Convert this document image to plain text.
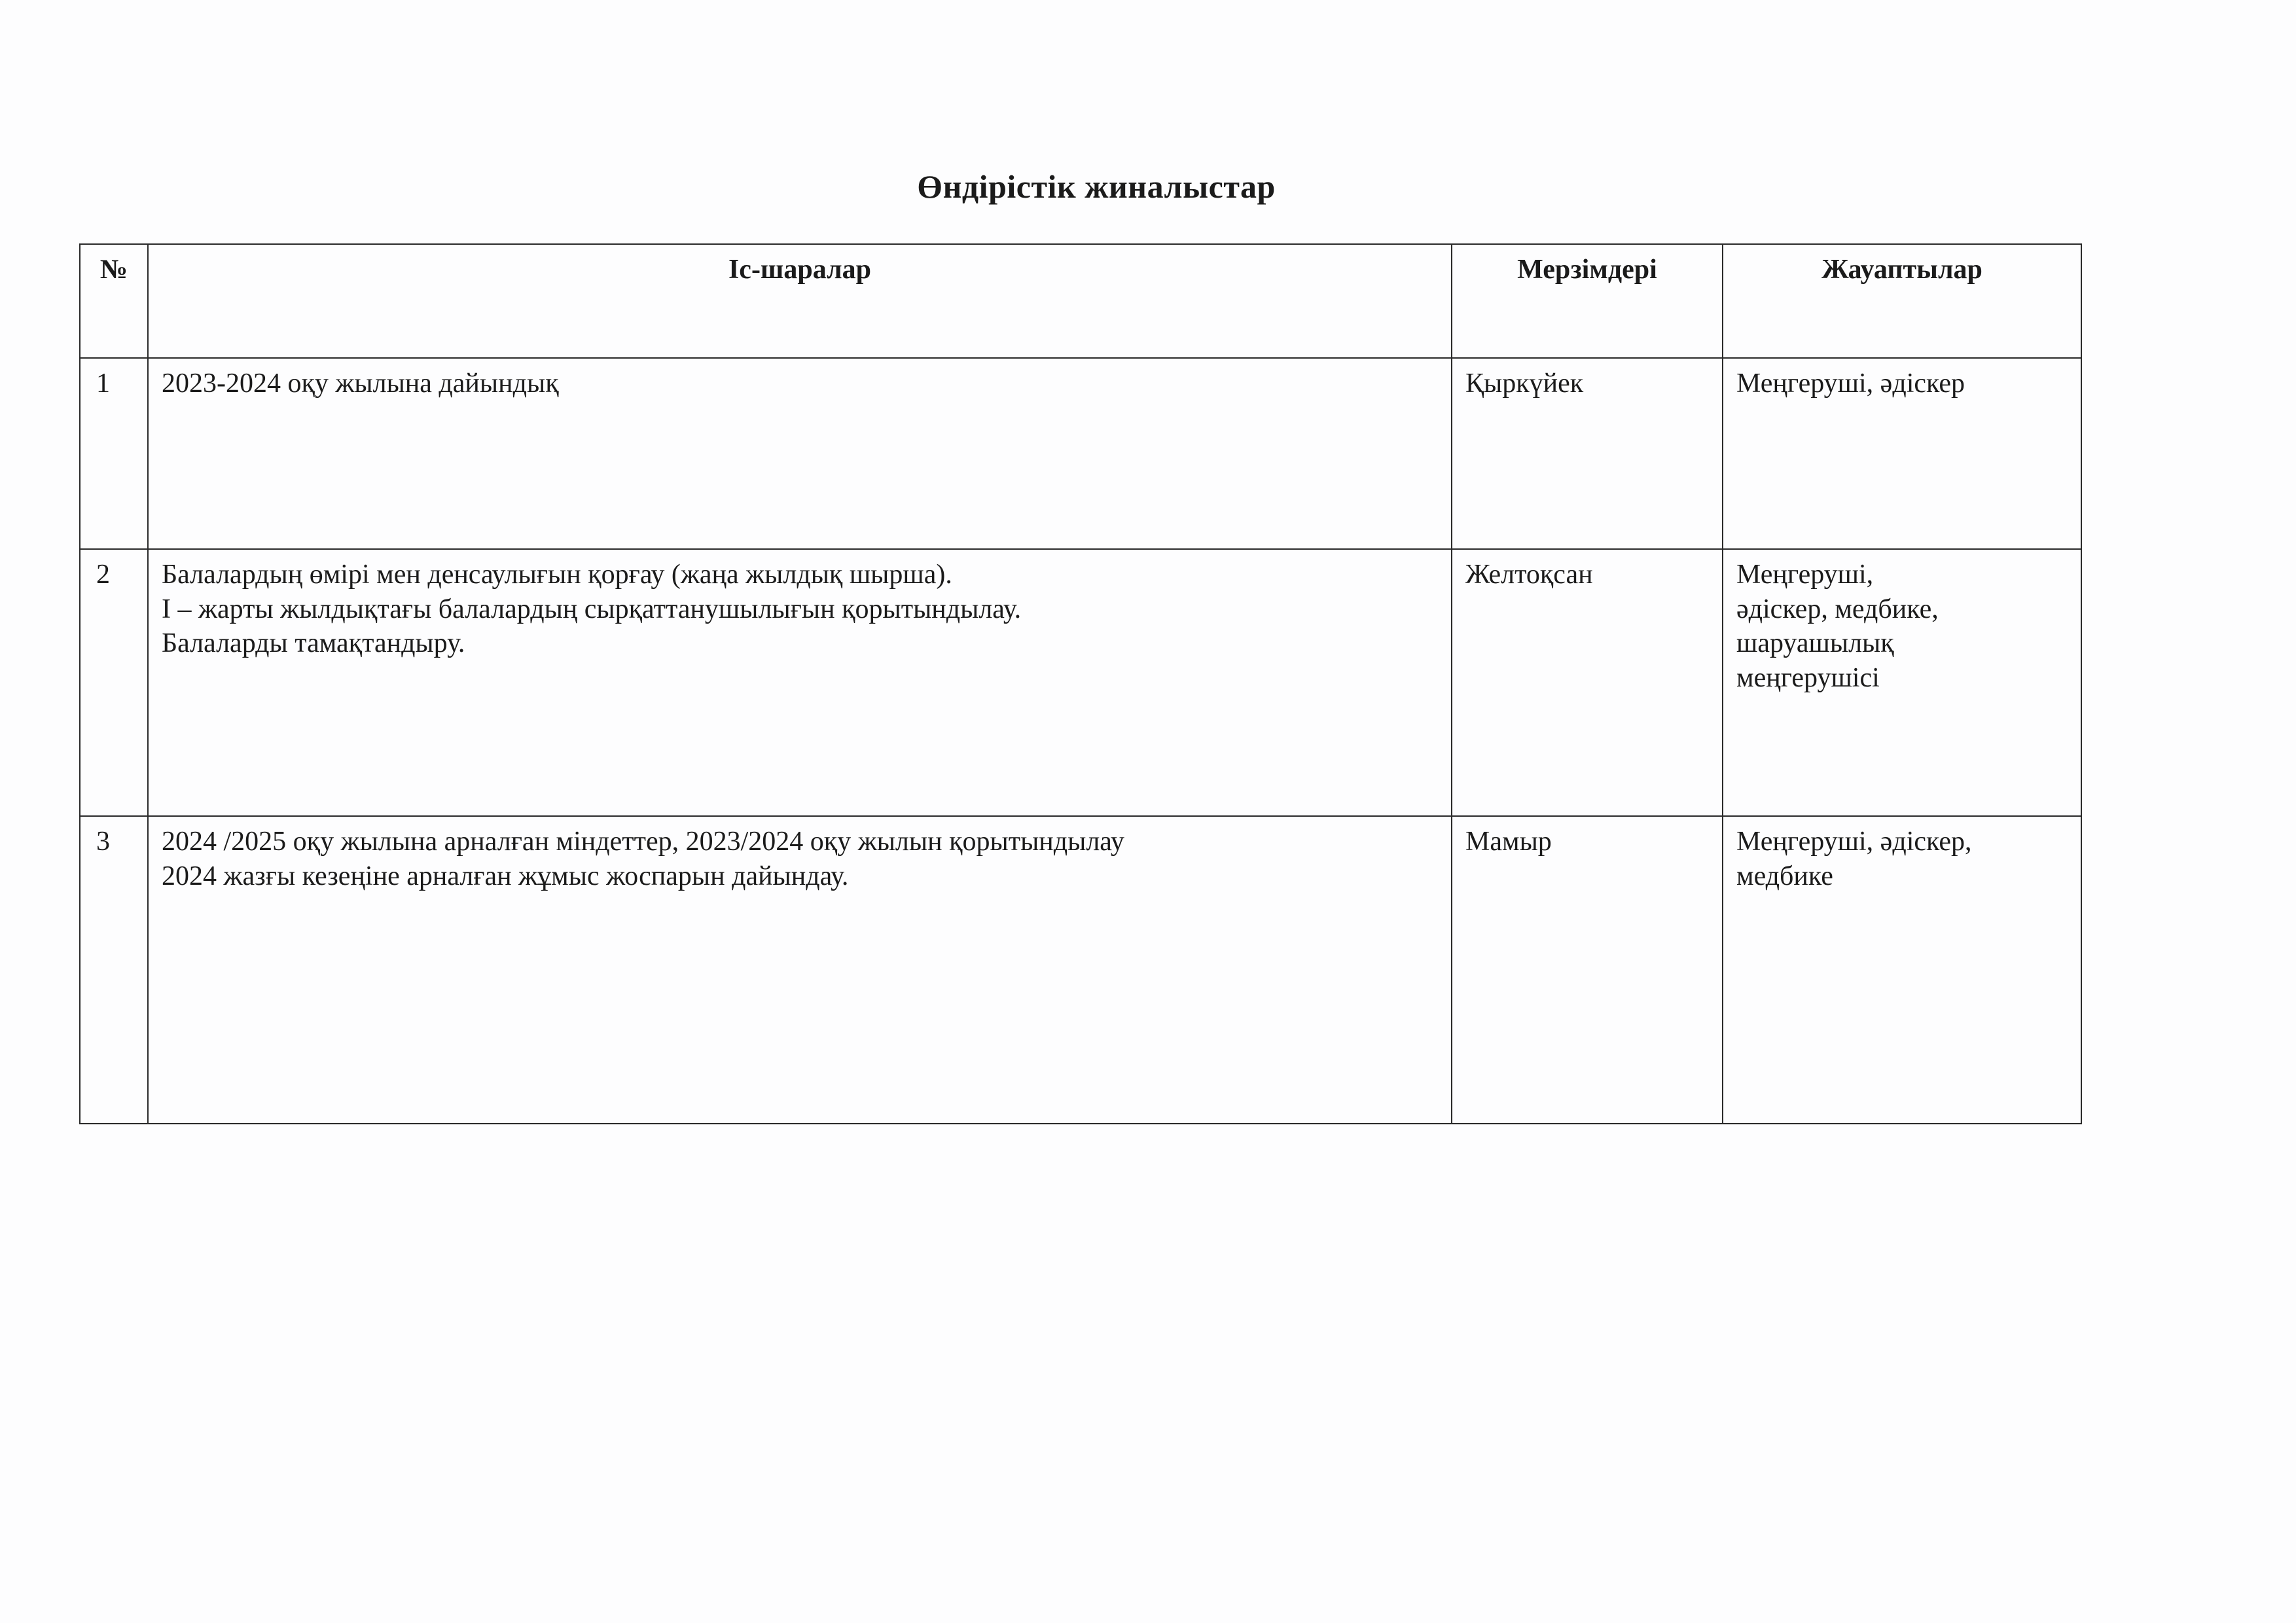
Өндірістік жиналыстар
№	Іс-шаралар	Мерзімдері	Жауаптылар
1	2023-2024 оқу жылына дайындық	Қыркүйек	Меңгеруші, әдіскер

2	Балалардың өмірі мен денсаулығын қорғау (жаңа жылдық шырша).
І – жарты жылдықтағы балалардың сырқаттанушылығын қорытындылау.
Балаларды тамақтандыру.	Желтоқсан	Меңгеруші,
әдіскер, медбике,
шаруашылық
меңгерушісі

3	2024 /2025 оқу жылына арналған міндеттер, 2023/2024 оқу жылын қорытындылау
2024 жазғы кезеңіне арналған жұмыс жоспарын дайындау.	Мамыр	Меңгеруші, әдіскер,
медбике
